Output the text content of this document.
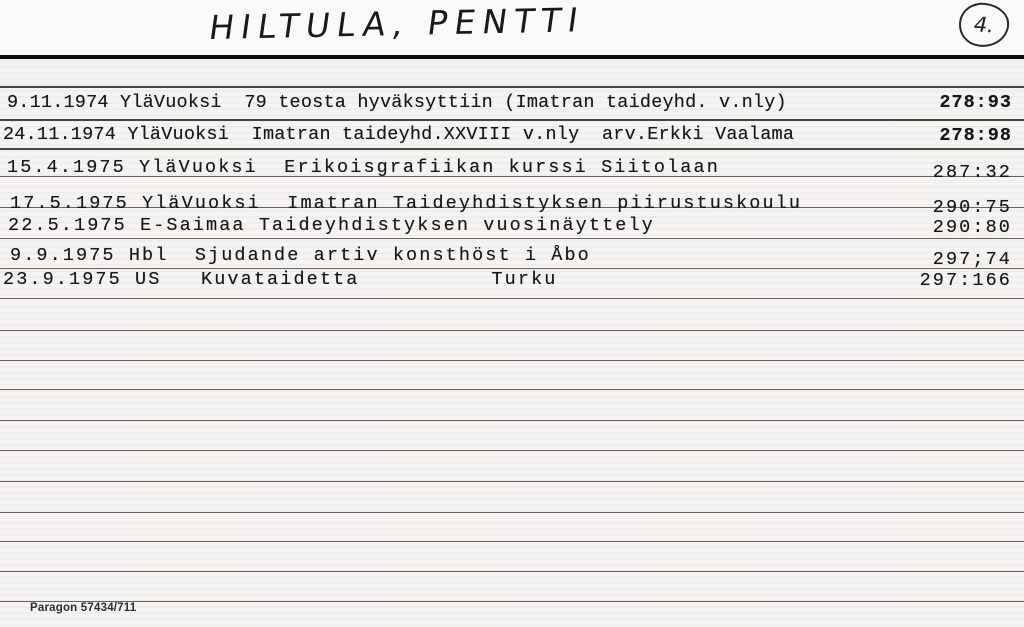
HILTULA, PENTTI	4.
9.11.1974 YläVuoksi  79 teosta hyväksyttiin (Imatran taideyhd. v.nly)	278:93
24.11.1974 YläVuoksi  Imatran taideyhd.XXVIII v.nly  arv.Erkki Vaalama	278:98
15.4.1975 YläVuoksi  Erikoisgrafiikan kurssi Siitolaan	287:32
17.5.1975 YläVuoksi  Imatran Taideyhdistyksen piirustuskoulu	290:75
22.5.1975 E-Saimaa Taideyhdistyksen vuosinäyttely	290:80
9.9.1975 Hbl  Sjudande artiv konsthöst i Åbo	297;74
23.9.1975 US   Kuvataidetta          Turku	297:166
Paragon 57434/711
